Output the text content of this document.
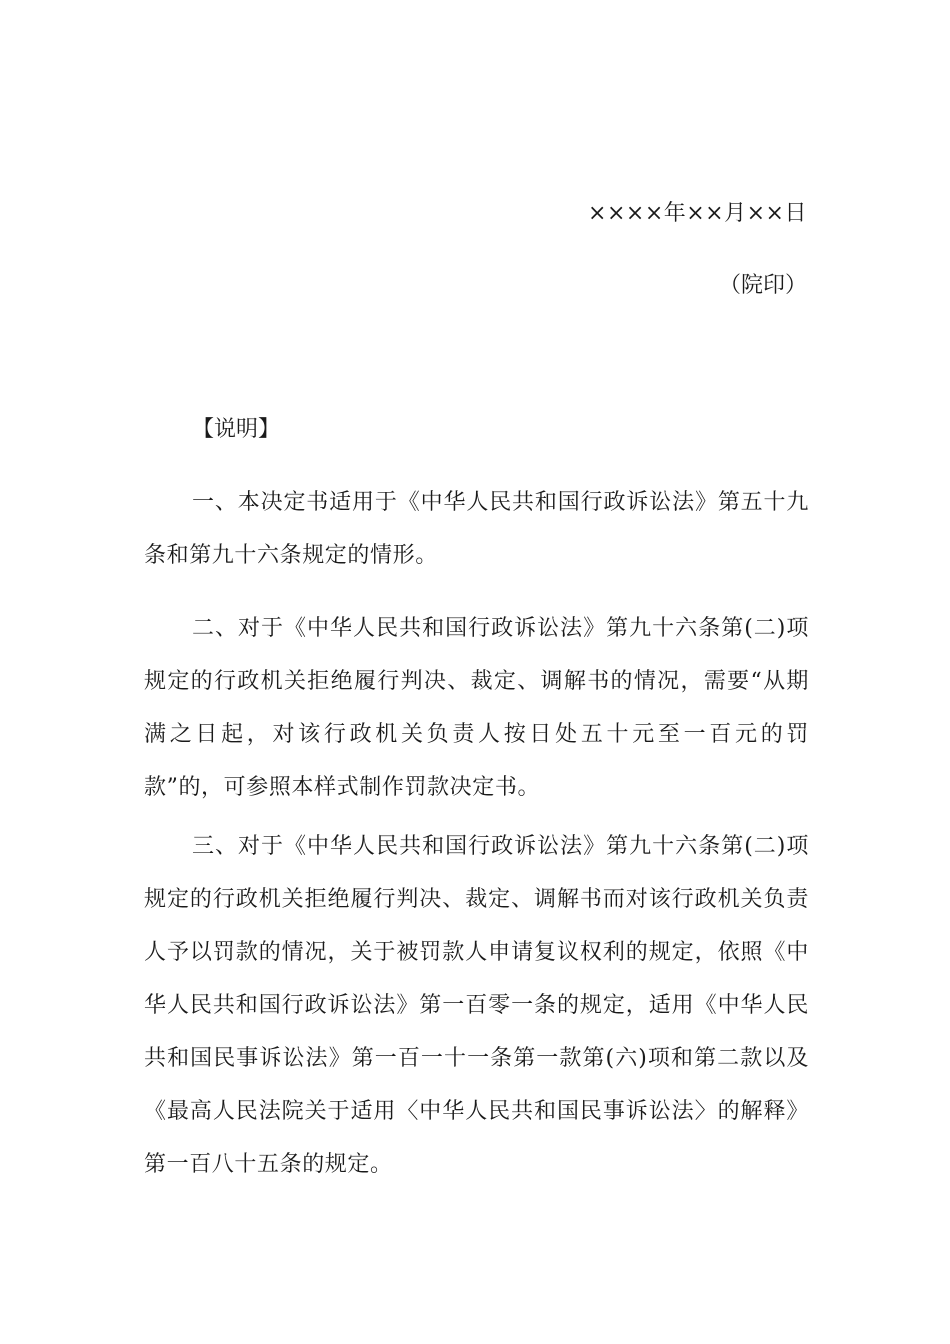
××××年××月××日
（院印）
【说明】

一、本决定书适用于《中华人民共和国行政诉讼法》第五十九条和第九十六条规定的情形。

二、对于《中华人民共和国行政诉讼法》第九十六条第(二)项规定的行政机关拒绝履行判决、裁定、调解书的情况，需要“从期满之日起，对该行政机关负责人按日处五十元至一百元的罚款”的，可参照本样式制作罚款决定书。

三、对于《中华人民共和国行政诉讼法》第九十六条第(二)项规定的行政机关拒绝履行判决、裁定、调解书而对该行政机关负责人予以罚款的情况，关于被罚款人申请复议权利的规定，依照《中华人民共和国行政诉讼法》第一百零一条的规定，适用《中华人民共和国民事诉讼法》第一百一十一条第一款第(六)项和第二款以及《最高人民法院关于适用〈中华人民共和国民事诉讼法〉的解释》第一百八十五条的规定。
